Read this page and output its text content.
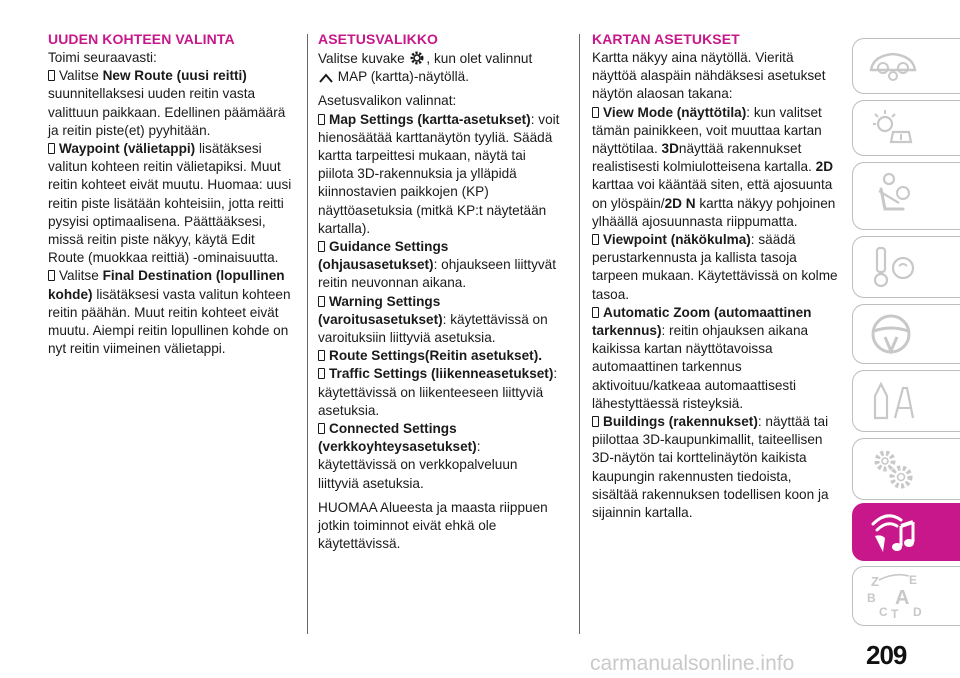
UUDEN KOHTEEN VALINTA
Toimi seuraavasti:
Valitse New Route (uusi reitti) suunnitellaksesi uuden reitin vasta valittuun paikkaan. Edellinen päämäärä ja reitin piste(et) pyyhitään.
Waypoint (välietappi) lisätäksesi valitun kohteen reitin välietapiksi. Muut reitin kohteet eivät muutu. Huomaa: uusi reitin piste lisätään kohteisiin, jotta reitti pysyisi optimaalisena. Päättääksesi, missä reitin piste näkyy, käytä Edit Route (muokkaa reittiä) -ominaisuutta.
Valitse Final Destination (lopullinen kohde) lisätäksesi vasta valitun kohteen reitin päähän. Muut reitin kohteet eivät muutu. Aiempi reitin lopullinen kohde on nyt reitin viimeinen välietappi.
ASETUSVALIKKO
Valitse kuvake , kun olet valinnut
MAP (kartta)-näytöllä.
Asetusvalikon valinnat:
Map Settings (kartta-asetukset): voit hienosäätää karttanäytön tyyliä. Säädä kartta tarpeittesi mukaan, näytä tai piilota 3D-rakennuksia ja ylläpidä kiinnostavien paikkojen (KP) näyttöasetuksia (mitkä KP:t näytetään kartalla).
Guidance Settings (ohjausasetukset): ohjaukseen liittyvät reitin neuvonnan aikana.
Warning Settings (varoitusasetukset): käytettävissä on varoituksiin liittyviä asetuksia.
Route Settings(Reitin asetukset).
Traffic Settings (liikenneasetukset): käytettävissä on liikenteeseen liittyviä asetuksia.
Connected Settings (verkkoyhteysasetukset): käytettävissä on verkkopalveluun liittyviä asetuksia.
HUOMAA Alueesta ja maasta riippuen jotkin toiminnot eivät ehkä ole käytettävissä.
KARTAN ASETUKSET
Kartta näkyy aina näytöllä. Vieritä näyttöä alaspäin nähdäksesi asetukset näytön alaosan takana:
View Mode (näyttötila): kun valitset tämän painikkeen, voit muuttaa kartan näyttötilaa. 3Dnäyttää rakennukset realistisesti kolmiulotteisena kartalla. 2D karttaa voi kääntää siten, että ajosuunta on ylöspäin/2D N kartta näkyy pohjoinen ylhäällä ajosuunnasta riippumatta.
Viewpoint (näkökulma): säädä perustarkennusta ja kallista tasoja tarpeen mukaan. Käytettävissä on kolme tasoa.
Automatic Zoom (automaattinen tarkennus): reitin ohjauksen aikana kaikissa kartan näyttötavoissa automaattinen tarkennus aktivoituu/katkeaa automaattisesti lähestyttäessä risteyksiä.
Buildings (rakennukset): näyttää tai piilottaa 3D-kaupunkimallit, taiteellisen 3D-näytön tai korttelinäytön kaikista kaupungin rakennusten tiedoista, sisältää rakennuksen todellisen koon ja sijainnin kartalla.
Z	E
B A
C T D
209
carmanualsonline.info
